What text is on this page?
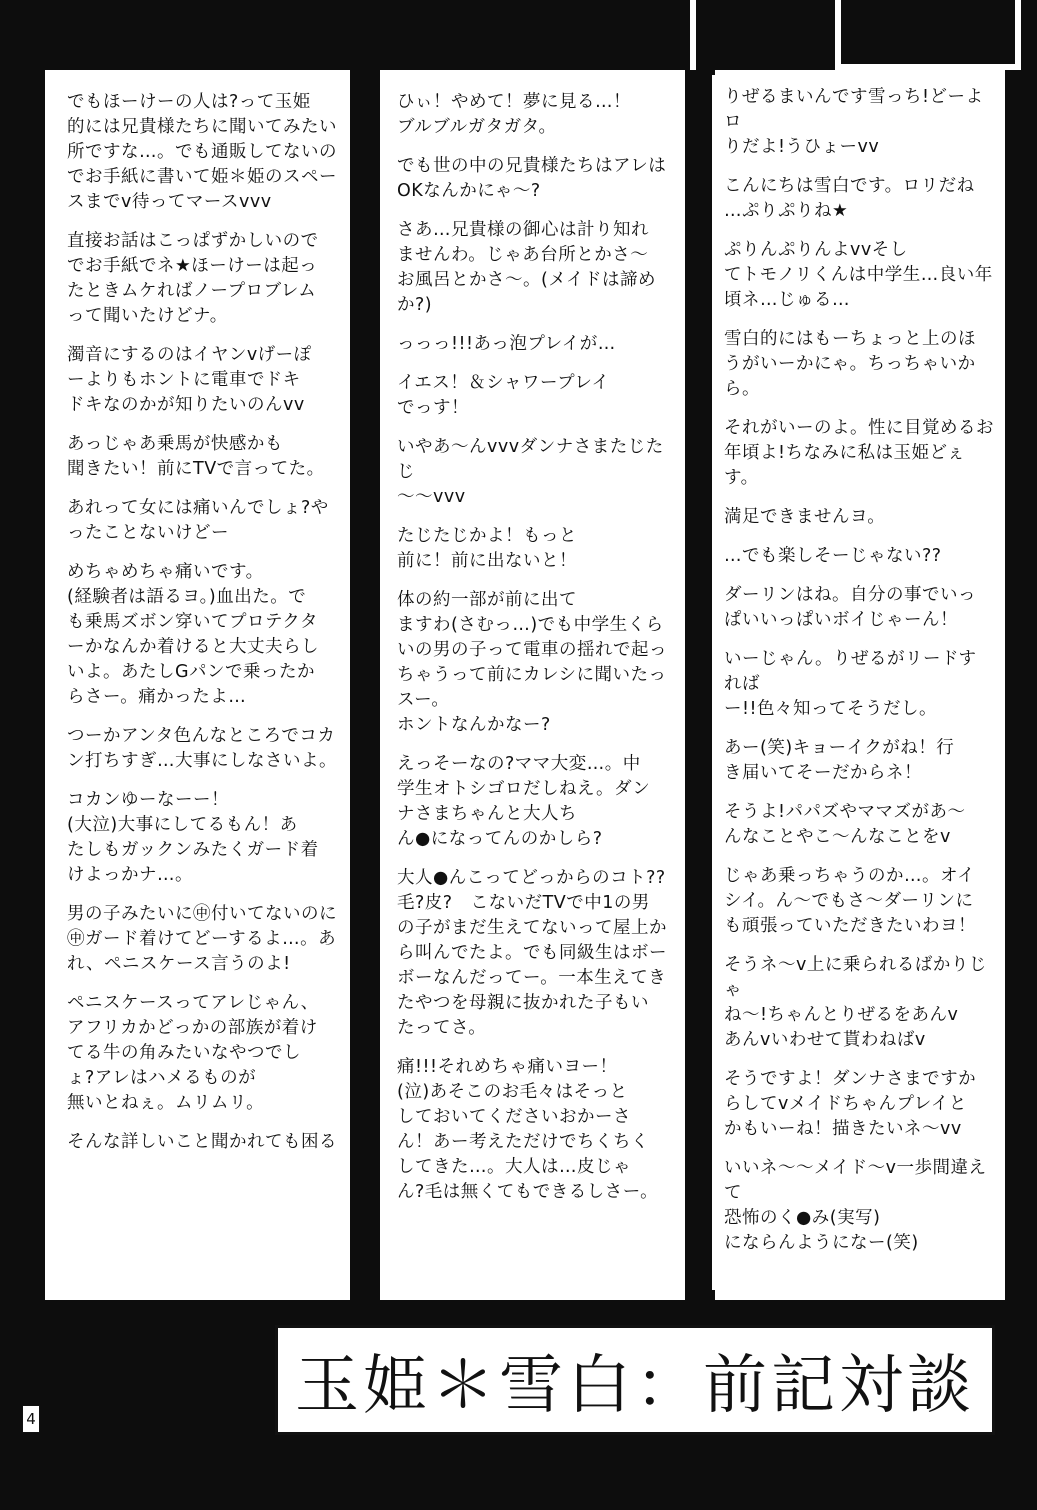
でもほーけーの人は?って玉姫
的には兄貴様たちに聞いてみたい
所ですな…。でも通販してないの
でお手紙に書いて姫＊姫のスペー
スまでv待ってマースvvv

直接お話はこっぱずかしいので
でお手紙でネ★ほーけーは起っ
たときムケればノープロブレム
って聞いたけどナ。

濁音にするのはイヤンvげーぽ
ーよりもホントに電車でドキ
ドキなのかが知りたいのんvv

あっじゃあ乗馬が快感かも
聞きたい！前にTVで言ってた。

あれって女には痛いんでしょ?や
ったことないけどー

めちゃめちゃ痛いです。
(経験者は語るヨ。)血出た。で
も乗馬ズボン穿いてプロテクタ
ーかなんか着けると大丈夫らし
いよ。あたしGパンで乗ったか
らさー。痛かったよ…

つーかアンタ色んなところでコカ
ン打ちすぎ…大事にしなさいよ。

コカンゆーなーー！
(大泣)大事にしてるもん！あ
たしもガックンみたくガード着
けよっかナ…。

男の子みたいに㊥付いてないのに
㊥ガード着けてどーするよ…。あ
れ、ペニスケース言うのよ!

ペニスケースってアレじゃん、
アフリカかどっかの部族が着け
てる牛の角みたいなやつでし
ょ?アレはハメるものが
無いとねぇ。ムリムリ。

そんな詳しいこと聞かれても困る

ひぃ！やめて！夢に見る…！
ブルブルガタガタ。

でも世の中の兄貴様たちはアレは
OKなんかにゃ～?

さあ…兄貴様の御心は計り知れ
ませんわ。じゃあ台所とかさ～
お風呂とかさ～。(メイドは諦め
か?)

っっっ!!!あっ泡プレイが…

イエス！＆シャワープレイ
でっす！

いやあ～んvvvダンナさまたじたじ
～～vvv

たじたじかよ！もっと
前に！前に出ないと！

体の約一部が前に出て
ますわ(さむっ…)でも中学生くら
いの男の子って電車の揺れで起っ
ちゃうって前にカレシに聞いたっスー。
ホントなんかなー?

えっそーなの?ママ大変…。中
学生オトシゴロだしねえ。ダン
ナさまちゃんと大人ち
ん●になってんのかしら?

大人●んこってどっからのコト??
毛?皮?　こないだTVで中1の男
の子がまだ生えてないって屋上か
ら叫んでたよ。でも同級生はボー
ボーなんだってー。一本生えてき
たやつを母親に抜かれた子もい
たってさ。

痛!!!それめちゃ痛いヨー！
(泣)あそこのお毛々はそっと
しておいてくださいおかーさ
ん！あー考えただけでちくちく
してきた…。大人は…皮じゃ
ん?毛は無くてもできるしさー。

りぜるまいんです雪っち!どーよロ
りだよ!うひょーvv

こんにちは雪白です。ロリだね
…ぷりぷりね★

ぷりんぷりんよvvそし
てトモノリくんは中学生…良い年
頃ネ…じゅる…

雪白的にはもーちょっと上のほ
うがいーかにゃ。ちっちゃいから。

それがいーのよ。性に目覚めるお
年頃よ!ちなみに私は玉姫どぇす。

満足できませんヨ。

…でも楽しそーじゃない??

ダーリンはね。自分の事でいっ
ぱいいっぱいボイじゃーん！

いーじゃん。りぜるがリードすれば
ー!!色々知ってそうだし。

あー(笑)キョーイクがね！行
き届いてそーだからネ！

そうよ!パパズやママズがあ～
んなことやこ～んなことをv

じゃあ乗っちゃうのか…。オイ
シイ。ん～でもさ～ダーリンに
も頑張っていただきたいわヨ！

そうネ～v上に乗られるばかりじゃ
ね～!ちゃんとりぜるをあんv
あんvいわせて貰わねばv

そうですよ！ダンナさまですか
らしてvメイドちゃんプレイと
かもいーね！描きたいネ～vv

いいネ～～メイド～v一歩間違えて
恐怖のく●み(実写)
にならんようになー(笑)

玉姫＊雪白：前記対談
4
